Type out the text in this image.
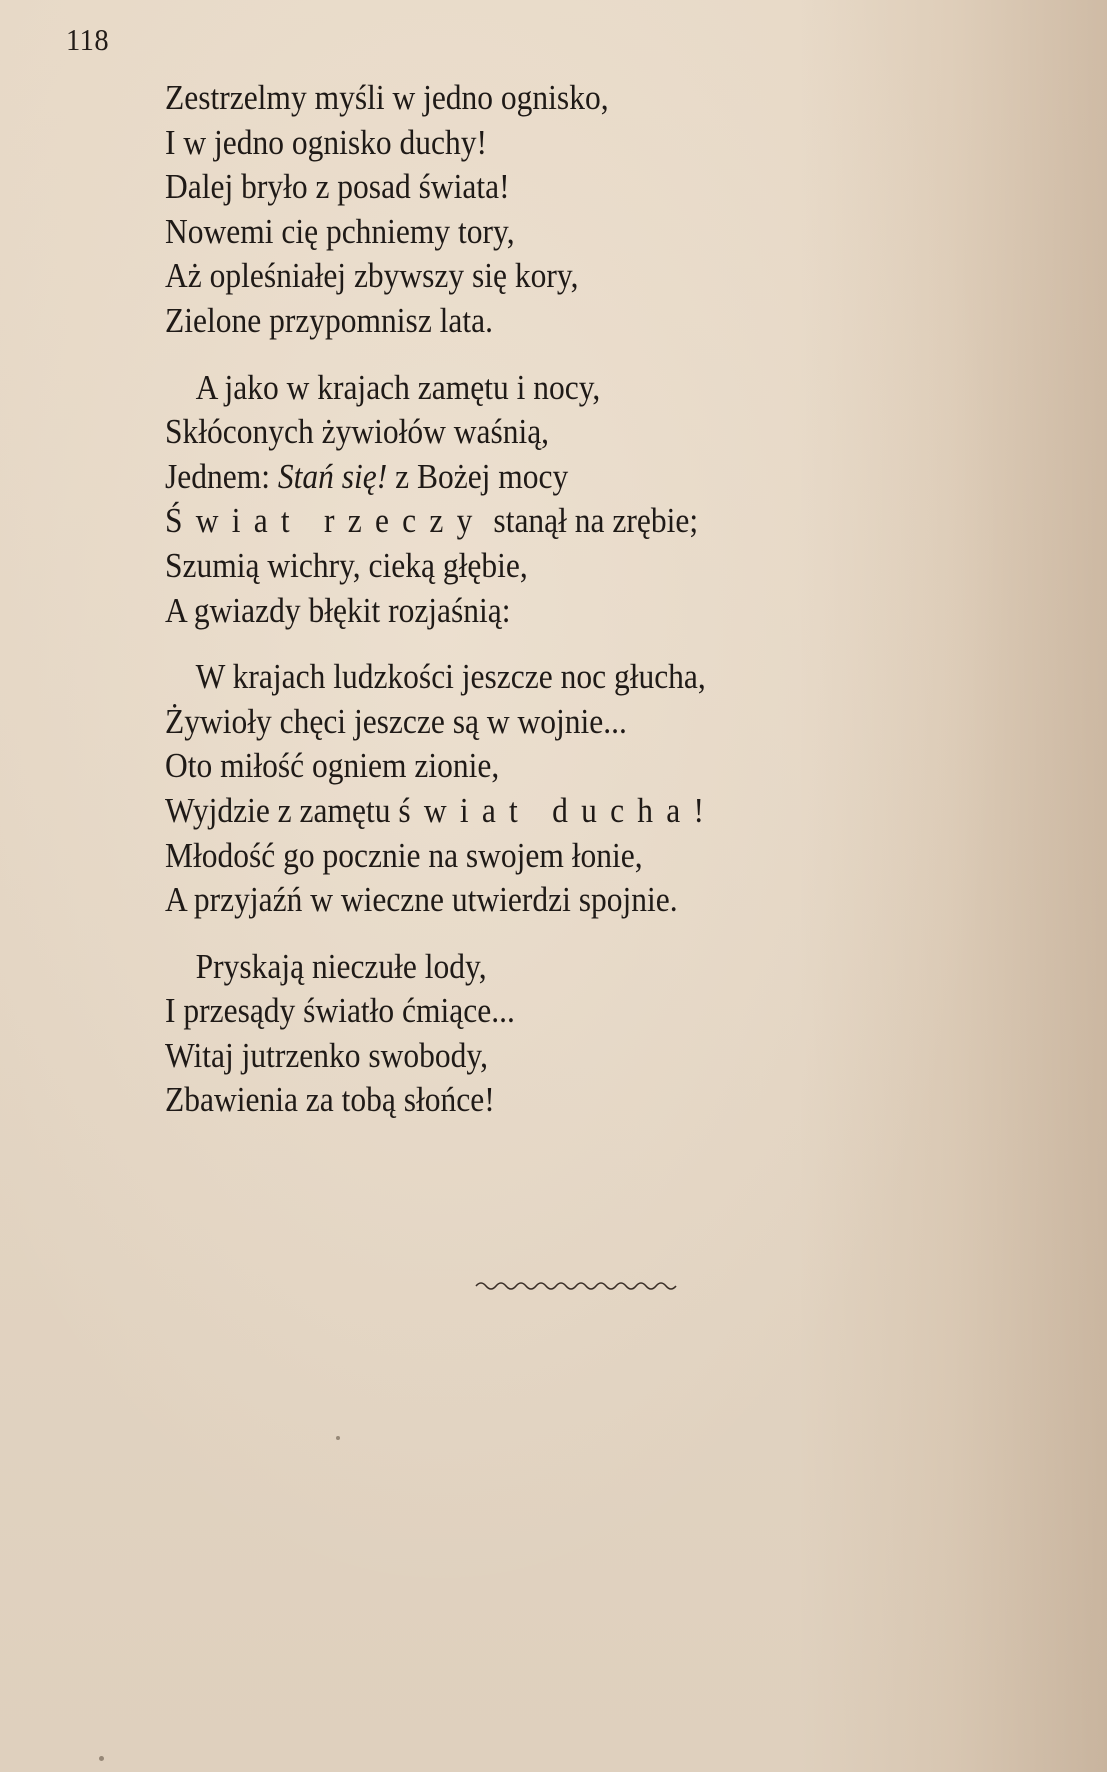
118
Zestrzelmy myśli w jedno ognisko,
I w jedno ognisko duchy!
Dalej bryło z posad świata!
Nowemi cię pchniemy tory,
Aż opleśniałej zbywszy się kory,
Zielone przypomnisz lata.
A jako w krajach zamętu i nocy,
Skłóconych żywiołów waśnią,
Jednem: Stań się! z Bożej mocy
Świat rzeczy stanął na zrębie;
Szumią wichry, cieką głębie,
A gwiazdy błękit rozjaśnią:
W krajach ludzkości jeszcze noc głucha,
Żywioły chęci jeszcze są w wojnie...
Oto miłość ogniem zionie,
Wyjdzie z zamętu świat ducha!
Młodość go pocznie na swojem łonie,
A przyjaźń w wieczne utwierdzi spojnie.
Pryskają nieczułe lody,
I przesądy światło ćmiące...
Witaj jutrzenko swobody,
Zbawienia za tobą słońce!
